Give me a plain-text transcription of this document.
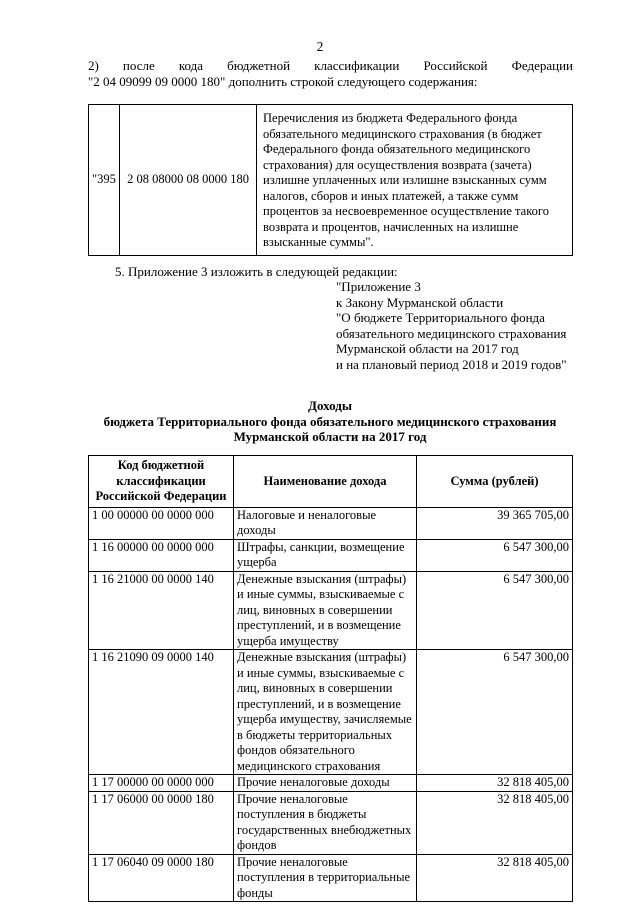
2
2) после кода бюджетной классификации Российской Федерации
"2 04 09099 09 0000 180" дополнить строкой следующего содержания:
"395	2 08 08000 08 0000 180	Перечисления из бюджета Федерального фонда обязательного медицинского страхования (в бюджет Федерального фонда обязательного медицинского страхования) для осуществления возврата (зачета) излишне уплаченных или излишне взысканных сумм налогов, сборов и иных платежей, а также сумм процентов за несвоевременное осуществление такого возврата и процентов, начисленных на излишне взысканные суммы".
5. Приложение 3 изложить в следующей редакции:
"Приложение 3
к Закону Мурманской области
"О бюджете Территориального фонда
обязательного медицинского страхования
Мурманской области на 2017 год
и на плановый период 2018 и 2019 годов"
Доходы
бюджета Территориального фонда обязательного медицинского страхования
Мурманской области на 2017 год
Код бюджетной классификации Российской Федерации	Наименование дохода	Сумма (рублей)
1 00 00000 00 0000 000	Налоговые и неналоговые доходы	39 365 705,00
1 16 00000 00 0000 000	Штрафы, санкции, возмещение ущерба	6 547 300,00
1 16 21000 00 0000 140	Денежные взыскания (штрафы) и иные суммы, взыскиваемые с лиц, виновных в совершении преступлений, и в возмещение ущерба имуществу	6 547 300,00
1 16 21090 09 0000 140	Денежные взыскания (штрафы) и иные суммы, взыскиваемые с лиц, виновных в совершении преступлений, и в возмещение ущерба имуществу, зачисляемые в бюджеты территориальных фондов обязательного медицинского страхования	6 547 300,00
1 17 00000 00 0000 000	Прочие неналоговые доходы	32 818 405,00
1 17 06000 00 0000 180	Прочие неналоговые поступления в бюджеты государственных внебюджетных фондов	32 818 405,00
1 17 06040 09 0000 180	Прочие неналоговые поступления в территориальные фонды	32 818 405,00
